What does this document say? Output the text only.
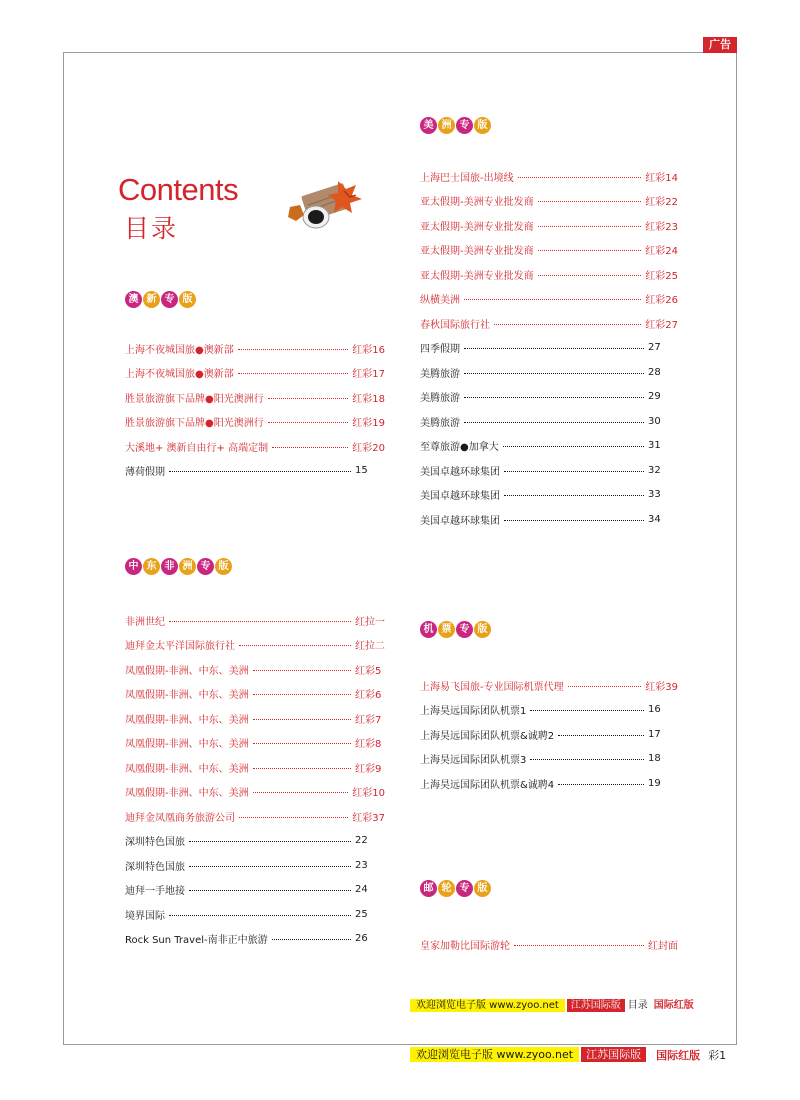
广告
Contents
目录
澳 新 专 版
上海不夜城国旅●澳新部	红彩16
上海不夜城国旅●澳新部	红彩17
胜景旅游旗下品牌●阳光澳洲行	红彩18
胜景旅游旗下品牌●阳光澳洲行	红彩19
大溪地+ 澳新自由行+ 高端定制	红彩20
薄荷假期	15
中 东 非 洲 专 版
非洲世纪	红拉一
迪拜金太平洋国际旅行社	红拉二
凤凰假期-非洲、中东、美洲	红彩5
凤凰假期-非洲、中东、美洲	红彩6
凤凰假期-非洲、中东、美洲	红彩7
凤凰假期-非洲、中东、美洲	红彩8
凤凰假期-非洲、中东、美洲	红彩9
凤凰假期-非洲、中东、美洲	红彩10
迪拜金凤凰商务旅游公司	红彩37
深圳特色国旅	22
深圳特色国旅	23
迪拜一手地接	24
境界国际	25
Rock Sun Travel-南非正中旅游	26
美 洲 专 版
上海巴士国旅-出境线	红彩14
亚太假期-美洲专业批发商	红彩22
亚太假期-美洲专业批发商	红彩23
亚太假期-美洲专业批发商	红彩24
亚太假期-美洲专业批发商	红彩25
纵横美洲	红彩26
春秋国际旅行社	红彩27
四季假期	27
美腾旅游	28
美腾旅游	29
美腾旅游	30
至尊旅游●加拿大	31
美国卓越环球集团	32
美国卓越环球集团	33
美国卓越环球集团	34
机 票 专 版
上海易飞国旅-专业国际机票代理	红彩39
上海昊远国际团队机票1	16
上海昊远国际团队机票&诚聘2	17
上海昊远国际团队机票3	18
上海昊远国际团队机票&诚聘4	19
邮 轮 专 版
皇家加勒比国际游轮	红封面
欢迎浏览电子版 www.zyoo.net	江苏国际版 目录 国际红版
欢迎浏览电子版 www.zyoo.net	江苏国际版	国际红版 彩1
